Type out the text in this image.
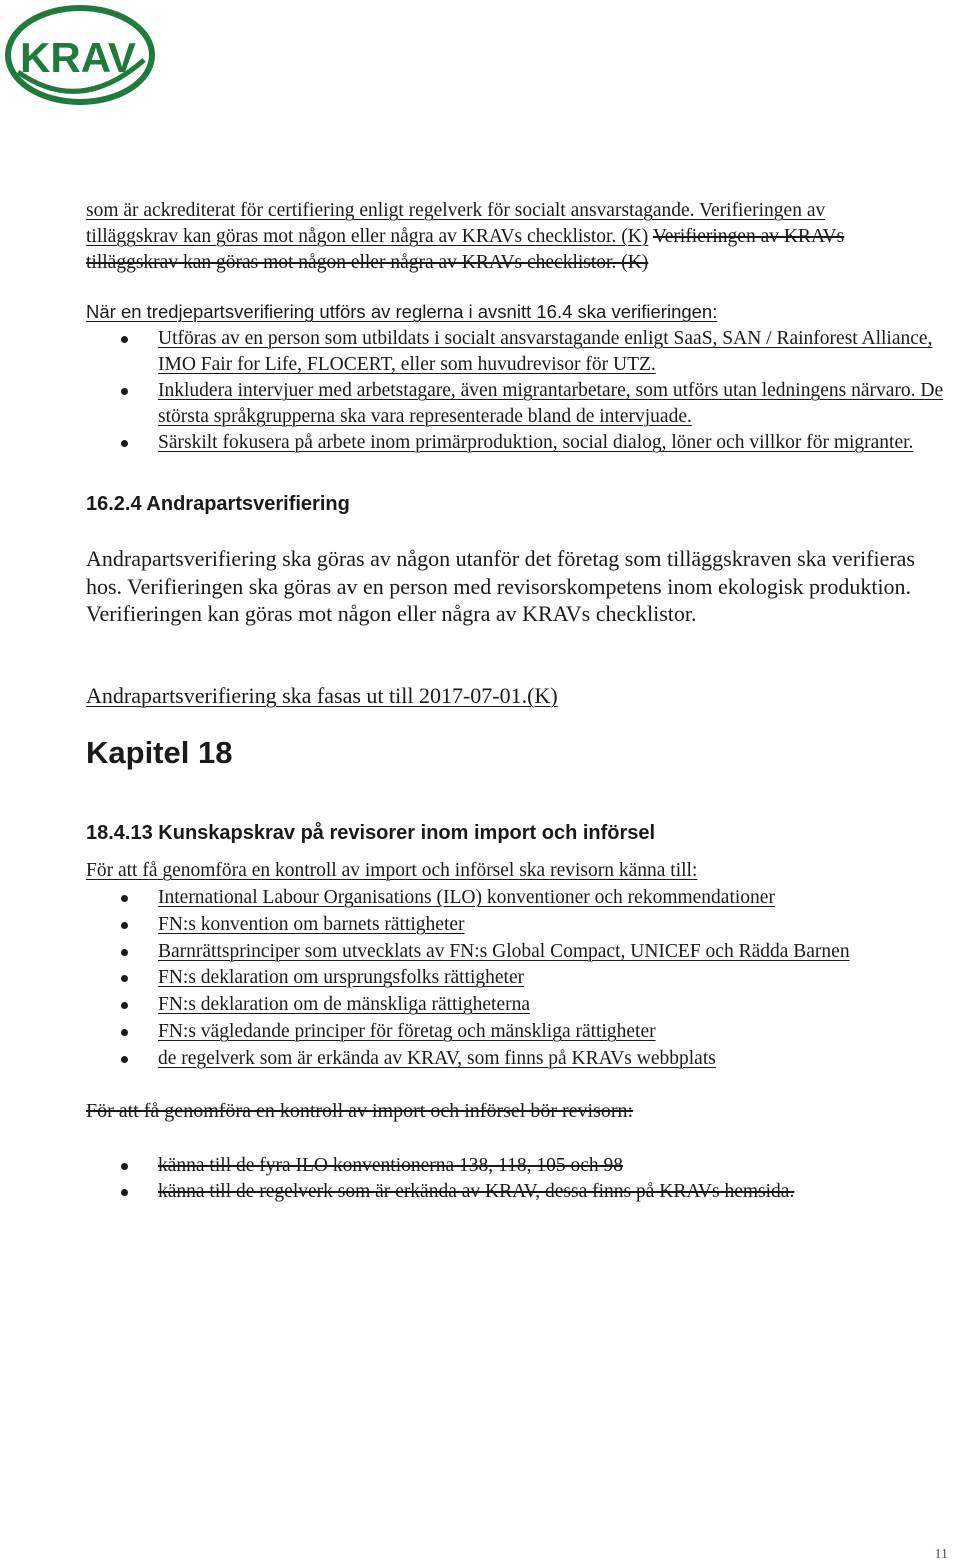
KRAV
som är ackrediterat för certifiering enligt regelverk för socialt ansvarstagande. Verifieringen av
tilläggskrav kan göras mot någon eller några av KRAVs checklistor. (K) Verifieringen av KRAVs
tilläggskrav kan göras mot någon eller några av KRAVs checklistor. (K)
När en tredjepartsverifiering utförs av reglerna i avsnitt 16.4 ska verifieringen:
Utföras av en person som utbildats i socialt ansvarstagande enligt SaaS, SAN / Rainforest Alliance, IMO Fair for Life, FLOCERT, eller som huvudrevisor för UTZ.
Inkludera intervjuer med arbetstagare, även migrantarbetare, som utförs utan ledningens närvaro. De största språkgrupperna ska vara representerade bland de intervjuade.
Särskilt fokusera på arbete inom primärproduktion, social dialog, löner och villkor för migranter.
16.2.4 Andrapartsverifiering
Andrapartsverifiering ska göras av någon utanför det företag som tilläggskraven ska verifieras hos. Verifieringen ska göras av en person med revisorskompetens inom ekologisk produktion. Verifieringen kan göras mot någon eller några av KRAVs checklistor.
Andrapartsverifiering ska fasas ut till 2017-07-01.(K)
Kapitel 18
18.4.13 Kunskapskrav på revisorer inom import och införsel
För att få genomföra en kontroll av import och införsel ska revisorn känna till:
International Labour Organisations (ILO) konventioner och rekommendationer
FN:s konvention om barnets rättigheter
Barnrättsprinciper som utvecklats av FN:s Global Compact, UNICEF och Rädda Barnen
FN:s deklaration om ursprungsfolks rättigheter
FN:s deklaration om de mänskliga rättigheterna
FN:s vägledande principer för företag och mänskliga rättigheter
de regelverk som är erkända av KRAV, som finns på KRAVs webbplats
För att få genomföra en kontroll av import och införsel bör revisorn:
känna till de fyra ILO konventionerna 138, 118, 105 och 98
känna till de regelverk som är erkända av KRAV, dessa finns på KRAVs hemsida.
11
